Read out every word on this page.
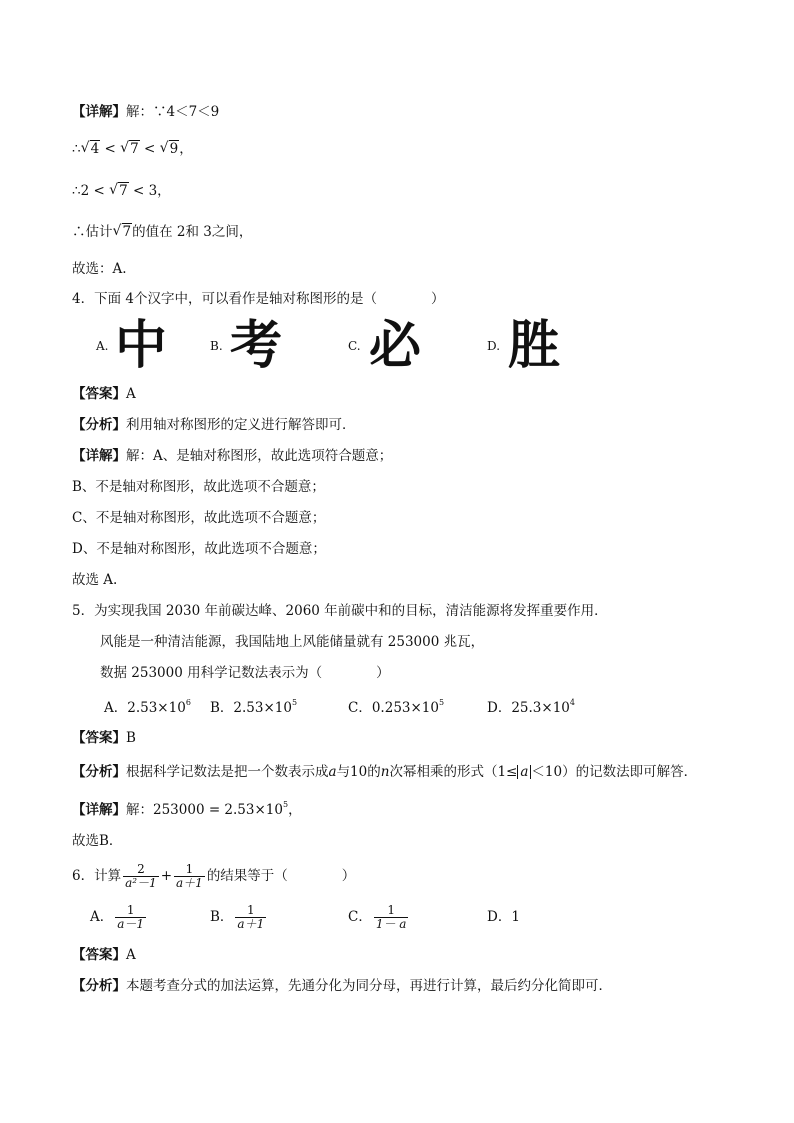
【详解】解：∵4＜7＜9
∴ √ 4 < √ 7 < √ 9，
∴2 < √ 7 < 3，
∴估计 √ 7的值在 2和 3之间，
故选：A.
4．下面 4个汉字中，可以看作是轴对称图形的是（　　　　）
A. 中	B. 考	C. 必	D. 胜
【答案】A
【分析】利用轴对称图形的定义进行解答即可．
【详解】解：A、是轴对称图形，故此选项符合题意；
B、不是轴对称图形，故此选项不合题意；
C、不是轴对称图形，故此选项不合题意；
D、不是轴对称图形，故此选项不合题意；
故选 A.
5．为实现我国 2030 年前碳达峰、2060 年前碳中和的目标，清洁能源将发挥重要作用．
风能是一种清洁能源，我国陆地上风能储量就有 253000 兆瓦，
数据 253000 用科学记数法表示为（　　　　）
A．$2.53\times 10^6$ B．$2.53\times 10^5$	C．$0.253\times 10^5$	D．$25.3\times 10^4$
【答案】B
【分析】根据科学记数法是把一个数表示成a与10的n次幂相乘的形式（1≤ a ＜10）的记数法即可解答．
【详解】解：$253000 = 2.53\times 10^5$，
故选B．
6．计算 $\frac{2}{\text{a²－1}} + \frac{1}{a+1}$ 的结果等于（　　　　）
A． $\frac{1}{a-1}$	B． $\frac{1}{a+1}$	C． $\frac{1}{1- a}$	D．1
【答案】A
【分析】本题考查分式的加法运算，先通分化为同分母，再进行计算，最后约分化简即可．
